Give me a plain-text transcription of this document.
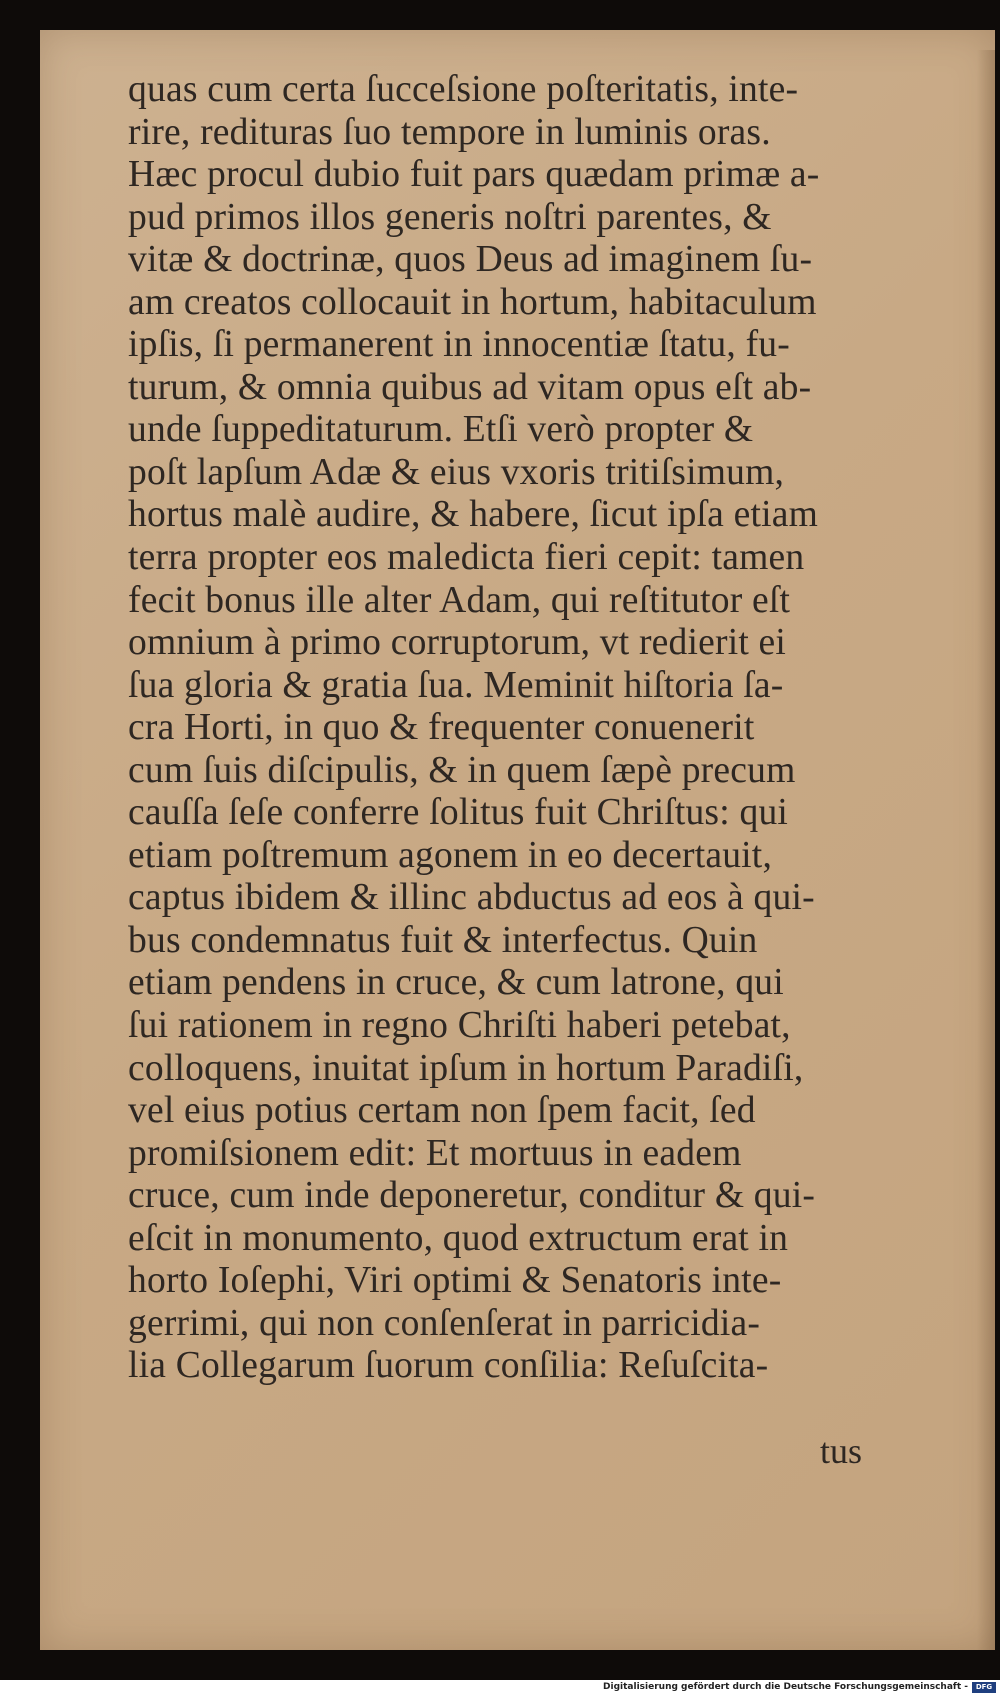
quas cum certa ſucceſsione poſteritatis, inte-
rire, redituras ſuo tempore in luminis oras.
Hæc procul dubio fuit pars quædam primæ a-
pud primos illos generis noſtri parentes, &
vitæ & doctrinæ, quos Deus ad imaginem ſu-
am creatos collocauit in hortum, habitaculum
ipſis, ſi permanerent in innocentiæ ſtatu, fu-
turum, & omnia quibus ad vitam opus eſt ab-
unde ſuppeditaturum. Etſi verò propter &
poſt lapſum Adæ & eius vxoris tritiſsimum,
hortus malè audire, & habere, ſicut ipſa etiam
terra propter eos maledicta fieri cepit: tamen
fecit bonus ille alter Adam, qui reſtitutor eſt
omnium à primo corruptorum, vt redierit ei
ſua gloria & gratia ſua. Meminit hiſtoria ſa-
cra Horti, in quo & frequenter conuenerit
cum ſuis diſcipulis, & in quem ſæpè precum
cauſſa ſeſe conferre ſolitus fuit Chriſtus: qui
etiam poſtremum agonem in eo decertauit,
captus ibidem & illinc abductus ad eos à qui-
bus condemnatus fuit & interfectus. Quin
etiam pendens in cruce, & cum latrone, qui
ſui rationem in regno Chriſti haberi petebat,
colloquens, inuitat ipſum in hortum Paradiſi,
vel eius potius certam non ſpem facit, ſed
promiſsionem edit: Et mortuus in eadem
cruce, cum inde deponeretur, conditur & qui-
eſcit in monumento, quod extructum erat in
horto Ioſephi, Viri optimi & Senatoris inte-
gerrimi, qui non conſenſerat in parricidia-
lia Collegarum ſuorum conſilia: Reſuſcita-
tus
Digitalisierung gefördert durch die Deutsche Forschungsgemeinschaft -	DFG
